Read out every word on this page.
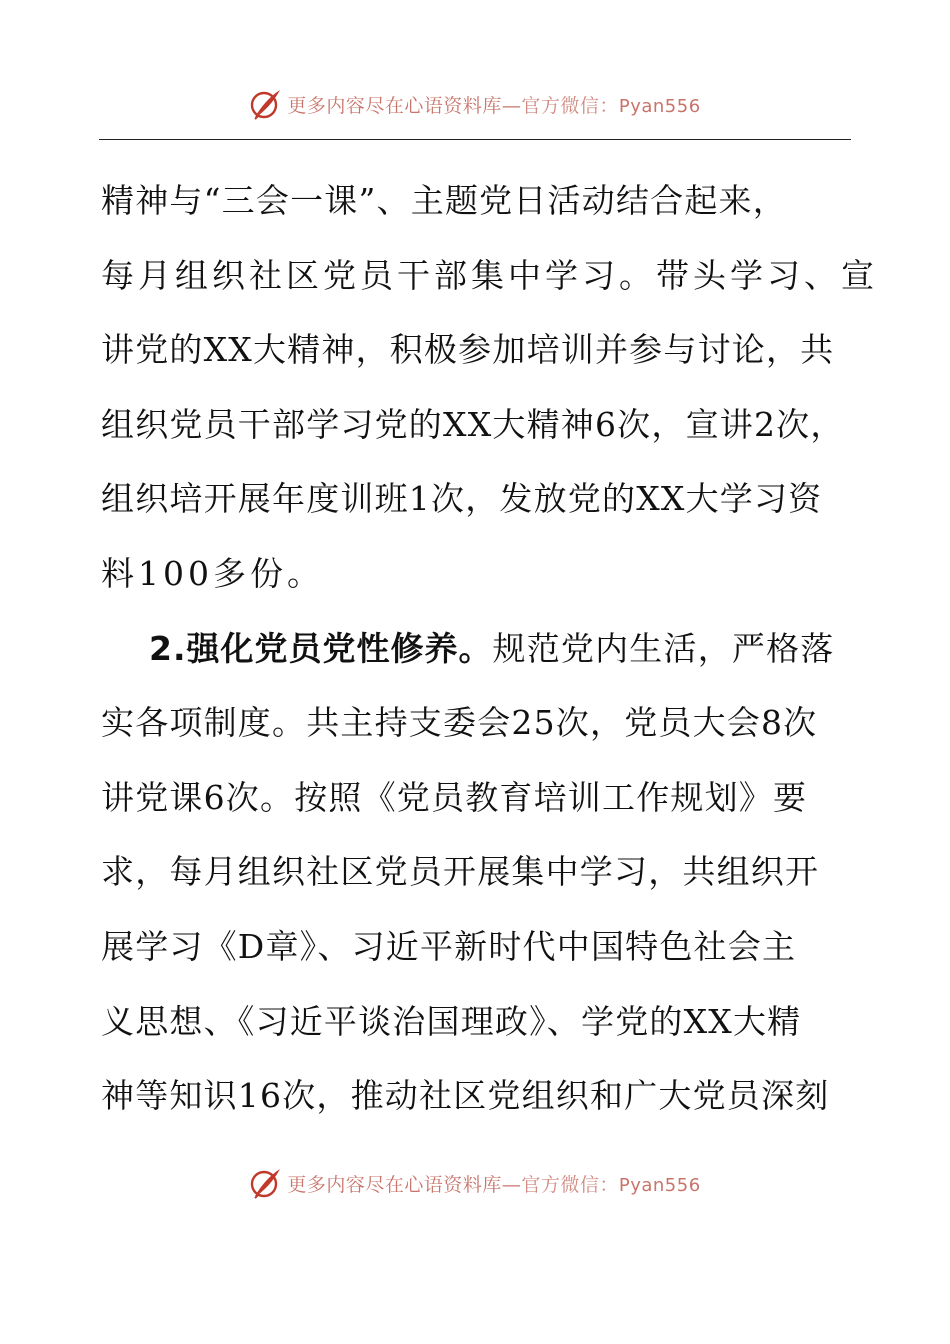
更多内容尽在心语资料库—官方微信：Pyan556
精神与“三会一课”、主题党日活动结合起来，
每月组织社区党员干部集中学习。带头学习、宣
讲党的XX大精神，积极参加培训并参与讨论，共
组织党员干部学习党的XX大精神6次，宣讲2次，
组织培开展年度训班1次，发放党的XX大学习资
料100多份。
2.强化党员党性修养。规范党内生活，严格落
实各项制度。共主持支委会25次，党员大会8次
讲党课6次。按照《党员教育培训工作规划》要
求，每月组织社区党员开展集中学习，共组织开
展学习《D章》、习近平新时代中国特色社会主
义思想、《习近平谈治国理政》、学党的XX大精
神等知识16次，推动社区党组织和广大党员深刻
更多内容尽在心语资料库—官方微信：Pyan556
